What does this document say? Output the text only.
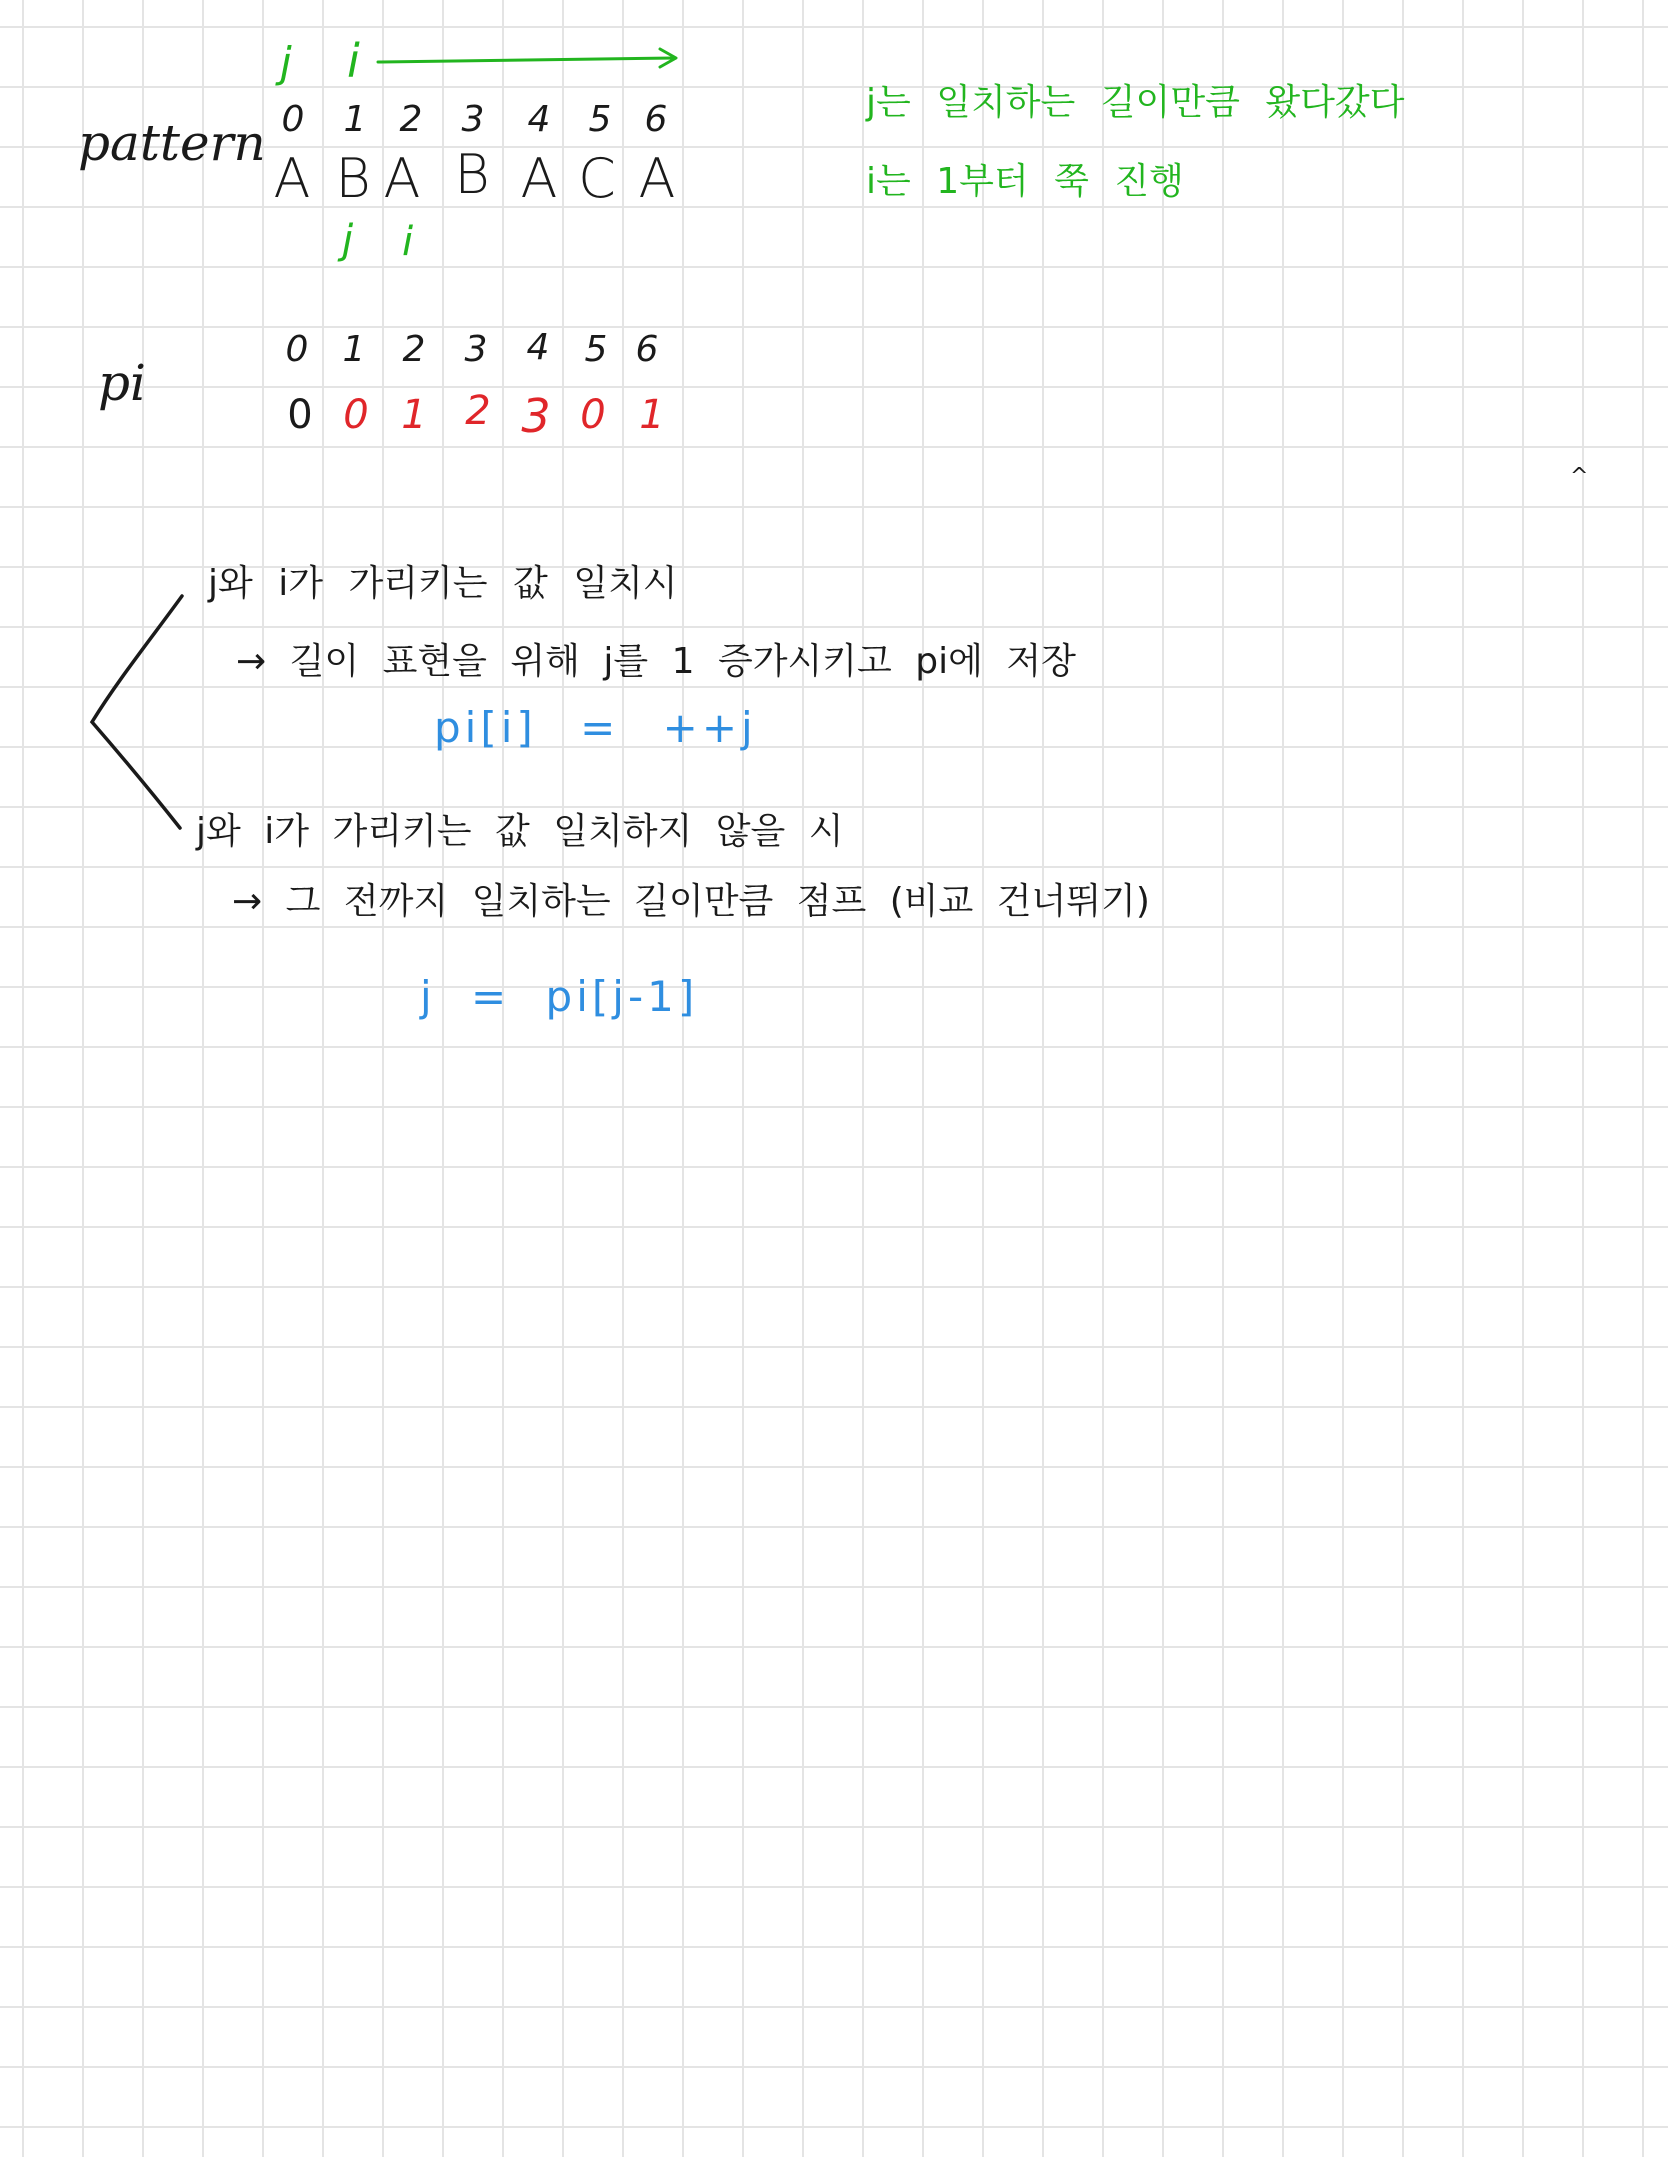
pattern
pi
j i
0	1 2	3	4	5 6
A B A B A C A
j i
0 1	2	3	4 5 6
0 0 1 2 3 0 1
j는 일치하는 길이만큼 왔다갔다
i는 1부터 쭉 진행
^
j와 i가 가리키는 값 일치시
→ 길이 표현을 위해 j를 1 증가시키고 pi에 저장
pi[i] = ++j
j와 i가 가리키는 값 일치하지 않을 시
→ 그 전까지 일치하는 길이만큼 점프 (비교 건너뛰기)
j = pi[j-1]
